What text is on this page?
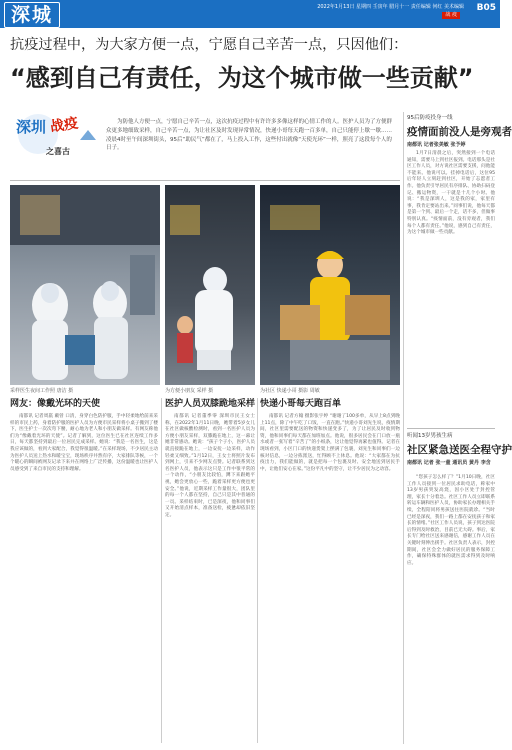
深城	2022年1月13日 星期四 壬寅年 腊月十一 责任编辑 何红 美术编辑
战 疫
B05
抗疫过程中，为大家方便一点，宁愿自己辛苦一点，只因他们：
“感到自己有责任，为这个城市做一些贡献”
深圳 战疫
之喜古
为防他人方便一点，宁愿自己辛苦一点，这次抗疫过程中有许许多多像这样的心情工作的人。医护人员为了方便群众更多地细致采样，自己辛苦一点，为让社区及时发现异常情况，快递小哥每天跑一百多单，自己只能停上歇一歇……凌晨4时至午间深圳街头，95后“助民气”都在了，马上投入工作，这些付出就像“天使光环”一样，照亮了这段每个人的日子。
采样医生夜间工作照 唐洁 摄	为方便小朋友 采样 摄	为社区 快递小哥 摄影 周敏
网友：像戴光环的天使
南都讯 记者周嬴 戴曾 口清，身穿白色防护服，手中轻柔地给前来采样的市民上药，身着防护服的医护人员为方便市民采样将小桌子搬到了楼下，医生护士一次次弯下腰，耐心地为老人和小朋友做采样。有网友称他们为“像戴着光环的天使”。记者了解到，这位医生已在社区连续工作多日，每天都坚持到最后一位居民完成采样。她说：“我是一名医生，这是我应该做的，看到大家配合，我觉得很温暖。”在采样现场，不少居民主动为医护人员送上热水和暖宝宝，现场秩序井然有序，大家排队等候，一个个暖心的瞬间被网友记录下来并在网络上广泛传播，这份温暖也让医护人员感受到了来自市民的支持和理解。
医护人员双膝跪地采样
南都讯 记者董季零 深圳市民王女士称，在2022年1月11日晚，她带着5岁女儿在社区做核酸检测时，看到一名医护人员为方便小朋友采样，双膝跪在地上，这一幕让她非常感动。她说：“孩子个子小，医护人员就直接跪在地上，一边安抚一边采样，动作轻柔又细致。”1月12日，王女士将照片发布到网上，引来不少网友点赞。记者联系到这名医护人员，他表示这只是工作中很平常的一个动作，“小朋友比较怕，蹲下来跟她平视，她会更放心一些，跪着采样更方便也更安全。”他说，近期采样工作量很大，团队里的每一个人都在坚持，自己只是其中普通的一员。采样结束时，已是深夜，他和同事们又开始清点样本，准备送检，疲惫却依旧坚定。
快递小哥每天跑百单
南都讯 记者方翰 摄影张宇婷 “谢谢了100多单，从早上8点到晚上11点，除了中午吃了口饭，一直在跑。”快递小哥刘先生说，疫情期间，社区里需要配送的物资和快递变多了，为了让居民及时收到物资，他和同事们每天都在加班加点。他说，很多居民会在门口放一瓶水或者一张写着“辛苦了”的小纸条，这让他觉得再累也值得。记者在现场看到，小区门口的快递货架上摆满了包裹，刘先生和同事们一边核对信息，一边分拣派送，忙得顾不上休息。他说：“大家都在为抗疫出力，我们能做的，就是把每一个包裹及时、安全地送到居民手中，让他们安心在家。”这份平凡中的坚守，让不少居民为之动容。
95后防疫投身一线
疫情面前没人是旁观者
南都讯 记者张美敏 张予婷
1月7日清晨之后，突然接到一个电话通知，需要马上到社区报到。电话那头是社区工作人员，对方说社区需要支援，问他能不能来。他说可以。挂掉电话后，这位95后年轻人立刻赶到社区，开始了志愿者工作。他负责引导居民有序排队、协助扫码登记、搬运物资，一干就是十几个小时。他说：“我是深圳人，这是我的家，家里有事，我肯定要站出来。”同事们说，他每天都是第一个到、最后一个走，话不多，但做事特别认真。“疫情面前，没有旁观者，我们每个人都有责任。”他说，感到自己有责任，为这个城市做一些贡献。
听闻13岁男孩生病
社区紧急送医全程守护
南都讯 记者 张一童 通讯员 黄丹 李含
“您孩子怎么样了？”1月10日晚，社区工作人员接到一位居民求助电话，称家中13岁男孩突发高烧，因小区处于封控管理，家长十分着急。社区工作人员立即联系转运车辆和医护人员，协助家长办理相关手续，全程陪同将男孩送往医院就诊。“当时已经是深夜，我们一路上都在安抚孩子和家长的情绪。”社区工作人员说，孩子到达医院后得到及时救治，目前已无大碍。事后，家长专门给社区送来感谢信，感谢工作人员在关键时刻伸出援手。社区负责人表示，封控期间，社区会全力做好居民的服务保障工作，确保特殊群体的就医需求得到及时响应。
